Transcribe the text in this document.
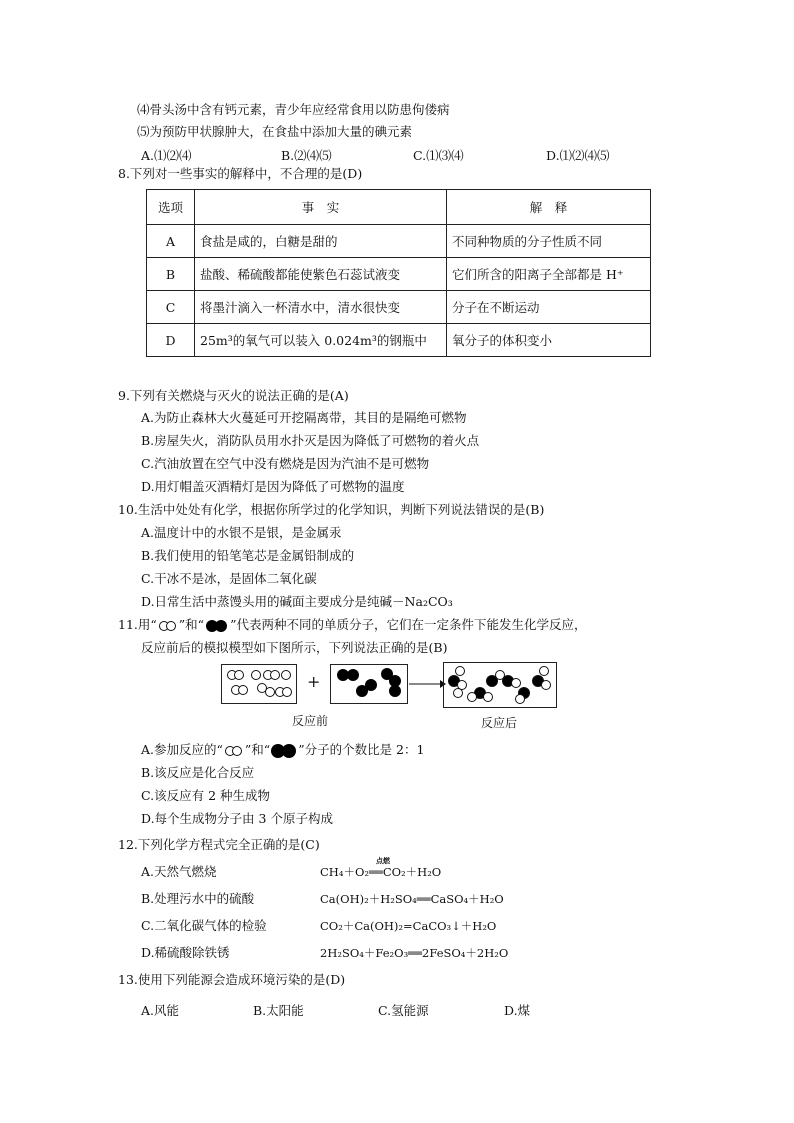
⑷骨头汤中含有钙元素，青少年应经常食用以防患佝偻病
⑸为预防甲状腺肿大，在食盐中添加大量的碘元素
A.⑴⑵⑷	B.⑵⑷⑸	C.⑴⑶⑷	D.⑴⑵⑷⑸
8.下列对一些事实的解释中，不合理的是(D)
选项	事　实	解　释
A	食盐是咸的，白糖是甜的	不同种物质的分子性质不同
B	盐酸、稀硫酸都能使紫色石蕊试液变	它们所含的阳离子全部都是 H⁺
C	将墨汁滴入一杯清水中，清水很快变	分子在不断运动
D	25m³的氧气可以装入 0.024m³的钢瓶中	氧分子的体积变小
9.下列有关燃烧与灭火的说法正确的是(A)
A.为防止森林大火蔓延可开挖隔离带，其目的是隔绝可燃物
B.房屋失火，消防队员用水扑灭是因为降低了可燃物的着火点
C.汽油放置在空气中没有燃烧是因为汽油不是可燃物
D.用灯帽盖灭酒精灯是因为降低了可燃物的温度
10.生活中处处有化学，根据你所学过的化学知识，判断下列说法错误的是(B)
A.温度计中的水银不是银，是金属汞
B.我们使用的铅笔笔芯是金属铅制成的
C.干冰不是冰，是固体二氧化碳
D.日常生活中蒸馒头用的碱面主要成分是纯碱－Na₂CO₃
11.用“ ”和“ ”代表两种不同的单质分子，它们在一定条件下能发生化学反应，
反应前后的模拟模型如下图所示，下列说法正确的是(B)
+
反应前	反应后
A.参加反应的“ ”和“ ”分子的个数比是 2：1
B.该反应是化合反应
C.该反应有 2 种生成物
D.每个生成物分子由 3 个原子构成
12.下列化学方程式完全正确的是(C)
A.天然气燃烧	CH₄＋O₂══CO₂＋H₂O
点燃
B.处理污水中的硫酸	Ca(OH)₂＋H₂SO₄══CaSO₄＋H₂O
C.二氧化碳气体的检验	CO₂＋Ca(OH)₂=CaCO₃↓＋H₂O
D.稀硫酸除铁锈	2H₂SO₄＋Fe₂O₃══2FeSO₄＋2H₂O
13.使用下列能源会造成环境污染的是(D)
A.风能	B.太阳能	C.氢能源	D.煤
